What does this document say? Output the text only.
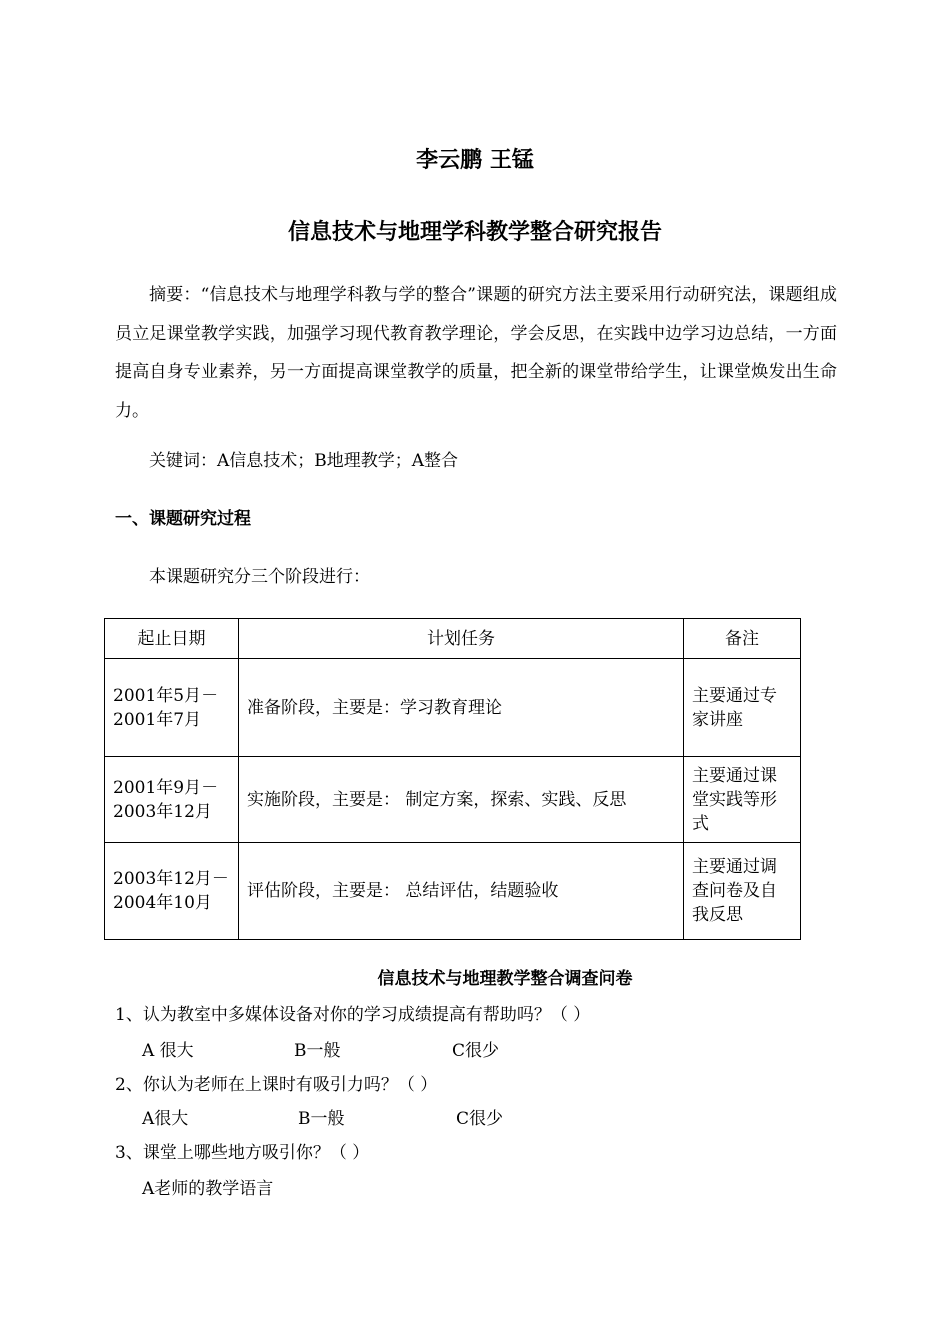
李云鹏 王锰
信息技术与地理学科教学整合研究报告

摘要：“信息技术与地理学科教与学的整合”课题的研究方法主要采用行动研究法，课题组成员立足课堂教学实践，加强学习现代教育教学理论，学会反思，在实践中边学习边总结，一方面提高自身专业素养，另一方面提高课堂教学的质量，把全新的课堂带给学生，让课堂焕发出生命力。

关键词：A信息技术；B地理教学；A整合
一、课题研究过程
本课题研究分三个阶段进行：
起止日期	计划任务	备注
2001年5月－2001年7月	准备阶段，主要是：学习教育理论	主要通过专家讲座
2001年9月－2003年12月	实施阶段，主要是： 制定方案，探索、实践、反思	主要通过课堂实践等形式
2003年12月－2004年10月	评估阶段，主要是： 总结评估，结题验收	主要通过调查问卷及自我反思
信息技术与地理教学整合调查问卷
1、认为教室中多媒体设备对你的学习成绩提高有帮助吗？（ ）
A 很大	B一般	C很少
2、你认为老师在上课时有吸引力吗？（ ）
A很大	B一般	C很少
3、课堂上哪些地方吸引你？（ ）
A老师的教学语言
